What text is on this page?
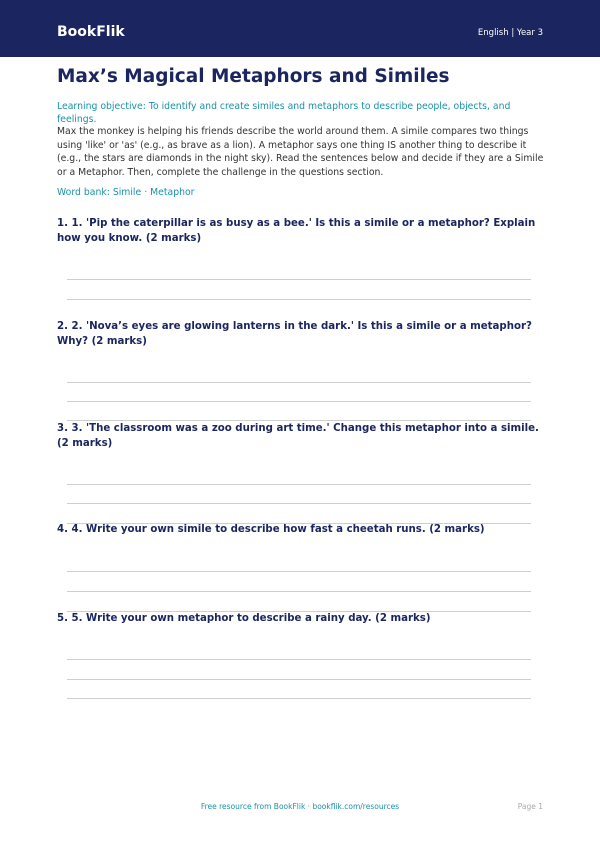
BookFlik	English | Year 3
Max’s Magical Metaphors and Similes
Learning objective: To identify and create similes and metaphors to describe people, objects, and feelings.
Max the monkey is helping his friends describe the world around them. A simile compares two things using 'like' or 'as' (e.g., as brave as a lion). A metaphor says one thing IS another thing to describe it (e.g., the stars are diamonds in the night sky). Read the sentences below and decide if they are a Simile or a Metaphor. Then, complete the challenge in the questions section.
Word bank: Simile · Metaphor
1. 1. 'Pip the caterpillar is as busy as a bee.' Is this a simile or a metaphor? Explain how you know. (2 marks)
2. 2. 'Nova’s eyes are glowing lanterns in the dark.' Is this a simile or a metaphor? Why? (2 marks)
3. 3. 'The classroom was a zoo during art time.' Change this metaphor into a simile. (2 marks)
4. 4. Write your own simile to describe how fast a cheetah runs. (2 marks)
5. 5. Write your own metaphor to describe a rainy day. (2 marks)
Free resource from BookFlik · bookflik.com/resources	Page 1
